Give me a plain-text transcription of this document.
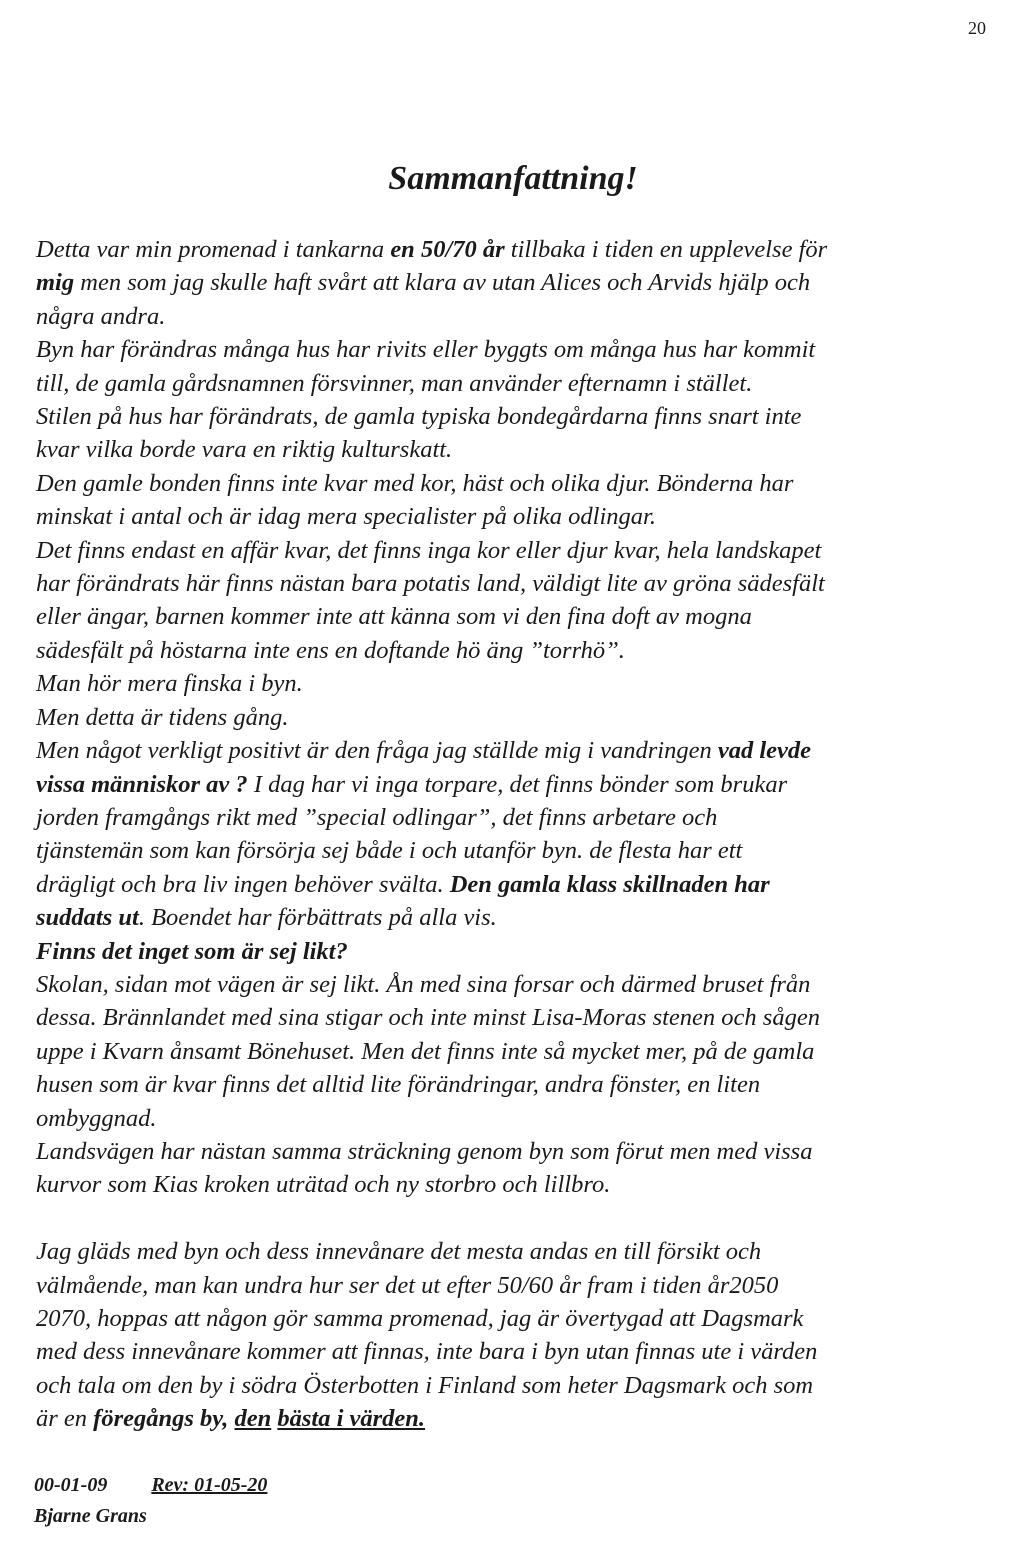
20
Sammanfattning!
Detta var min promenad i tankarna en 50/70 år tillbaka i tiden en upplevelse för
mig men som jag skulle haft svårt att klara av utan Alices och Arvids hjälp och
några andra.
Byn har förändras många hus har rivits eller byggts om många hus har kommit
till, de gamla gårdsnamnen försvinner, man använder efternamn i stället.
Stilen på hus har förändrats, de gamla typiska bondegårdarna finns snart inte
kvar vilka borde vara en riktig kulturskatt.
Den gamle bonden finns inte kvar med kor, häst och olika djur. Bönderna har
minskat i antal och är idag mera specialister på olika odlingar.
Det finns endast en affär kvar, det finns inga kor eller djur kvar, hela landskapet
har förändrats här finns nästan bara potatis land, väldigt lite av gröna sädesfält
eller ängar, barnen kommer inte att känna som vi den fina doft av mogna
sädesfält på höstarna inte ens en doftande hö äng ”torrhö”.
Man hör mera finska i byn.
Men detta är tidens gång.
Men något verkligt positivt är den fråga jag ställde mig i vandringen vad levde
vissa människor av ? I dag har vi inga torpare, det finns bönder som brukar
jorden framgångs rikt med ”special odlingar”, det finns arbetare och
tjänstemän som kan försörja sej både i och utanför byn. de flesta har ett
drägligt och bra liv ingen behöver svälta. Den gamla klass skillnaden har
suddats ut. Boendet har förbättrats på alla vis.
Finns det inget som är sej likt?
Skolan, sidan mot vägen är sej likt. Ån med sina forsar och därmed bruset från
dessa. Brännlandet med sina stigar och inte minst Lisa-Moras stenen och sågen
uppe i Kvarn ånsamt Bönehuset. Men det finns inte så mycket mer, på de gamla
husen som är kvar finns det alltid lite förändringar, andra fönster, en liten
ombyggnad.
Landsvägen har nästan samma sträckning genom byn som förut men med vissa
kurvor som Kias kroken uträtad och ny storbro och lillbro.
Jag gläds med byn och dess innevånare det mesta andas en till försikt och
välmående, man kan undra hur ser det ut efter 50/60 år fram i tiden år2050
2070, hoppas att någon gör samma promenad, jag är övertygad att Dagsmark
med dess innevånare kommer att finnas, inte bara i byn utan finnas ute i värden
och tala om den by i södra Österbotten i Finland som heter Dagsmark och som
är en föregångs by, den bästa i värden.
00-01-09 Rev: 01-05-20
Bjarne Grans
